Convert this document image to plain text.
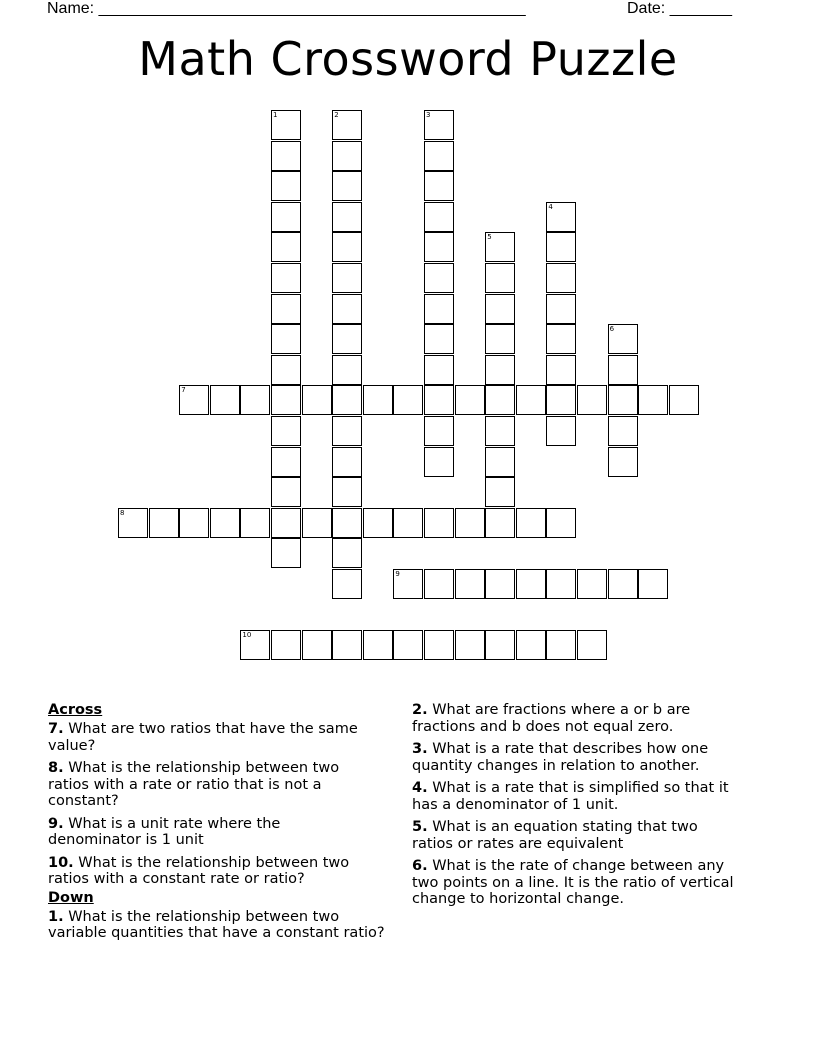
Name: ________________________________________________	Date: _______
Math Crossword Puzzle
1	2	3
4
5
6
7
8
9
10
Across
7. What are two ratios that have the same
value?
8. What is the relationship between two
ratios with a rate or ratio that is not a
constant?
9. What is a unit rate where the
denominator is 1 unit
10. What is the relationship between two
ratios with a constant rate or ratio?
Down
1. What is the relationship between two
variable quantities that have a constant ratio?
2. What are fractions where a or b are
fractions and b does not equal zero.
3. What is a rate that describes how one
quantity changes in relation to another.
4. What is a rate that is simplified so that it
has a denominator of 1 unit.
5. What is an equation stating that two
ratios or rates are equivalent
6. What is the rate of change between any
two points on a line. It is the ratio of vertical
change to horizontal change.
